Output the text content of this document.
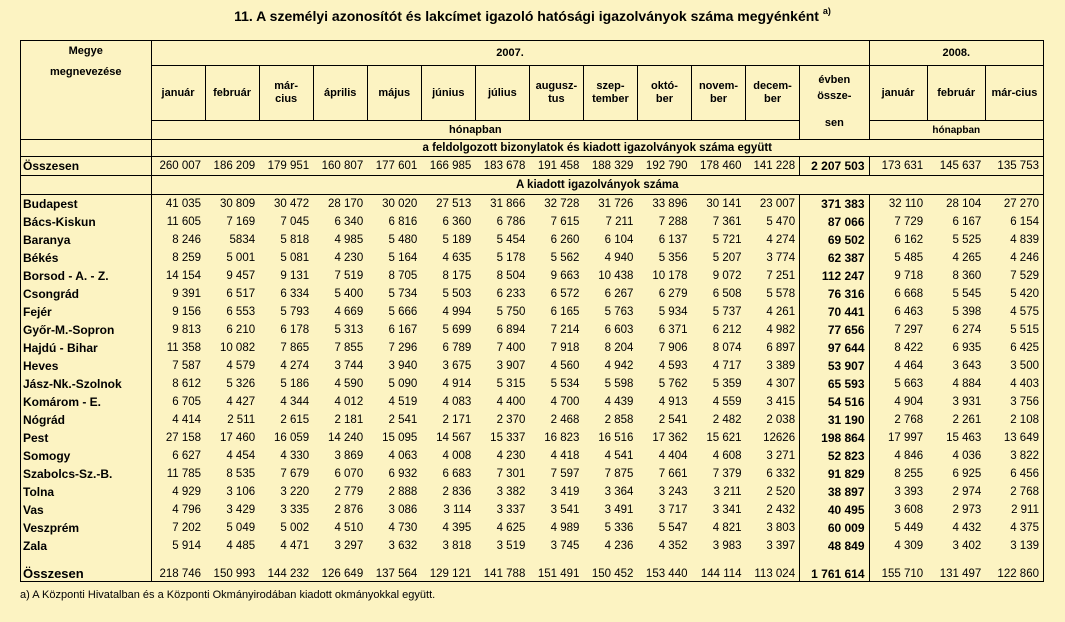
11. A személyi azonosítót és lakcímet igazoló hatósági igazolványok száma megyénként $^{a)}$
Megye
megnevezése	2007.													2008.		

	január	február	már-
cius	április	május	június	július	augusz-
tus	szep-
tember	októ-
ber	novem-
ber	decem-
ber	évben
össze-
sen	január	február	már-cius
	hónapban													hónapban		
	a feldolgozott bizonylatok és kiadott igazolványok száma együtt															
Összesen	260 007	186 209	179 951	160 807	177 601	166 985	183 678	191 458	188 329	192 790	178 460	141 228	2 207 503	173 631	145 637	135 753
	A kiadott igazolványok száma															
Budapest	41 035	30 809	30 472	28 170	30 020	27 513	31 866	32 728	31 726	33 896	30 141	23 007	371 383	32 110	28 104	27 270
Bács-Kiskun	11 605	7 169	7 045	6 340	6 816	6 360	6 786	7 615	7 211	7 288	7 361	5 470	87 066	7 729	6 167	6 154
Baranya	8 246	5834	5 818	4 985	5 480	5 189	5 454	6 260	6 104	6 137	5 721	4 274	69 502	6 162	5 525	4 839
Békés	8 259	5 001	5 081	4 230	5 164	4 635	5 178	5 562	4 940	5 356	5 207	3 774	62 387	5 485	4 265	4 246
Borsod - A. - Z.	14 154	9 457	9 131	7 519	8 705	8 175	8 504	9 663	10 438	10 178	9 072	7 251	112 247	9 718	8 360	7 529
Csongrád	9 391	6 517	6 334	5 400	5 734	5 503	6 233	6 572	6 267	6 279	6 508	5 578	76 316	6 668	5 545	5 420
Fejér	9 156	6 553	5 793	4 669	5 666	4 994	5 750	6 165	5 763	5 934	5 737	4 261	70 441	6 463	5 398	4 575
Győr-M.-Sopron	9 813	6 210	6 178	5 313	6 167	5 699	6 894	7 214	6 603	6 371	6 212	4 982	77 656	7 297	6 274	5 515
Hajdú - Bihar	11 358	10 082	7 865	7 855	7 296	6 789	7 400	7 918	8 204	7 906	8 074	6 897	97 644	8 422	6 935	6 425
Heves	7 587	4 579	4 274	3 744	3 940	3 675	3 907	4 560	4 942	4 593	4 717	3 389	53 907	4 464	3 643	3 500
Jász-Nk.-Szolnok	8 612	5 326	5 186	4 590	5 090	4 914	5 315	5 534	5 598	5 762	5 359	4 307	65 593	5 663	4 884	4 403
Komárom - E.	6 705	4 427	4 344	4 012	4 519	4 083	4 400	4 700	4 439	4 913	4 559	3 415	54 516	4 904	3 931	3 756
Nógrád	4 414	2 511	2 615	2 181	2 541	2 171	2 370	2 468	2 858	2 541	2 482	2 038	31 190	2 768	2 261	2 108
Pest	27 158	17 460	16 059	14 240	15 095	14 567	15 337	16 823	16 516	17 362	15 621	12626	198 864	17 997	15 463	13 649
Somogy	6 627	4 454	4 330	3 869	4 063	4 008	4 230	4 418	4 541	4 404	4 608	3 271	52 823	4 846	4 036	3 822
Szabolcs-Sz.-B.	11 785	8 535	7 679	6 070	6 932	6 683	7 301	7 597	7 875	7 661	7 379	6 332	91 829	8 255	6 925	6 456
Tolna	4 929	3 106	3 220	2 779	2 888	2 836	3 382	3 419	3 364	3 243	3 211	2 520	38 897	3 393	2 974	2 768
Vas	4 796	3 429	3 335	2 876	3 086	3 114	3 337	3 541	3 491	3 717	3 341	2 432	40 495	3 608	2 973	2 911
Veszprém	7 202	5 049	5 002	4 510	4 730	4 395	4 625	4 989	5 336	5 547	4 821	3 803	60 009	5 449	4 432	4 375
Zala	5 914	4 485	4 471	3 297	3 632	3 818	3 519	3 745	4 236	4 352	3 983	3 397	48 849	4 309	3 402	3 139
Összesen	218 746	150 993	144 232	126 649	137 564	129 121	141 788	151 491	150 452	153 440	144 114	113 024	1 761 614	155 710	131 497	122 860
a) A Központi Hivatalban és a Központi Okmányirodában kiadott okmányokkal együtt.
